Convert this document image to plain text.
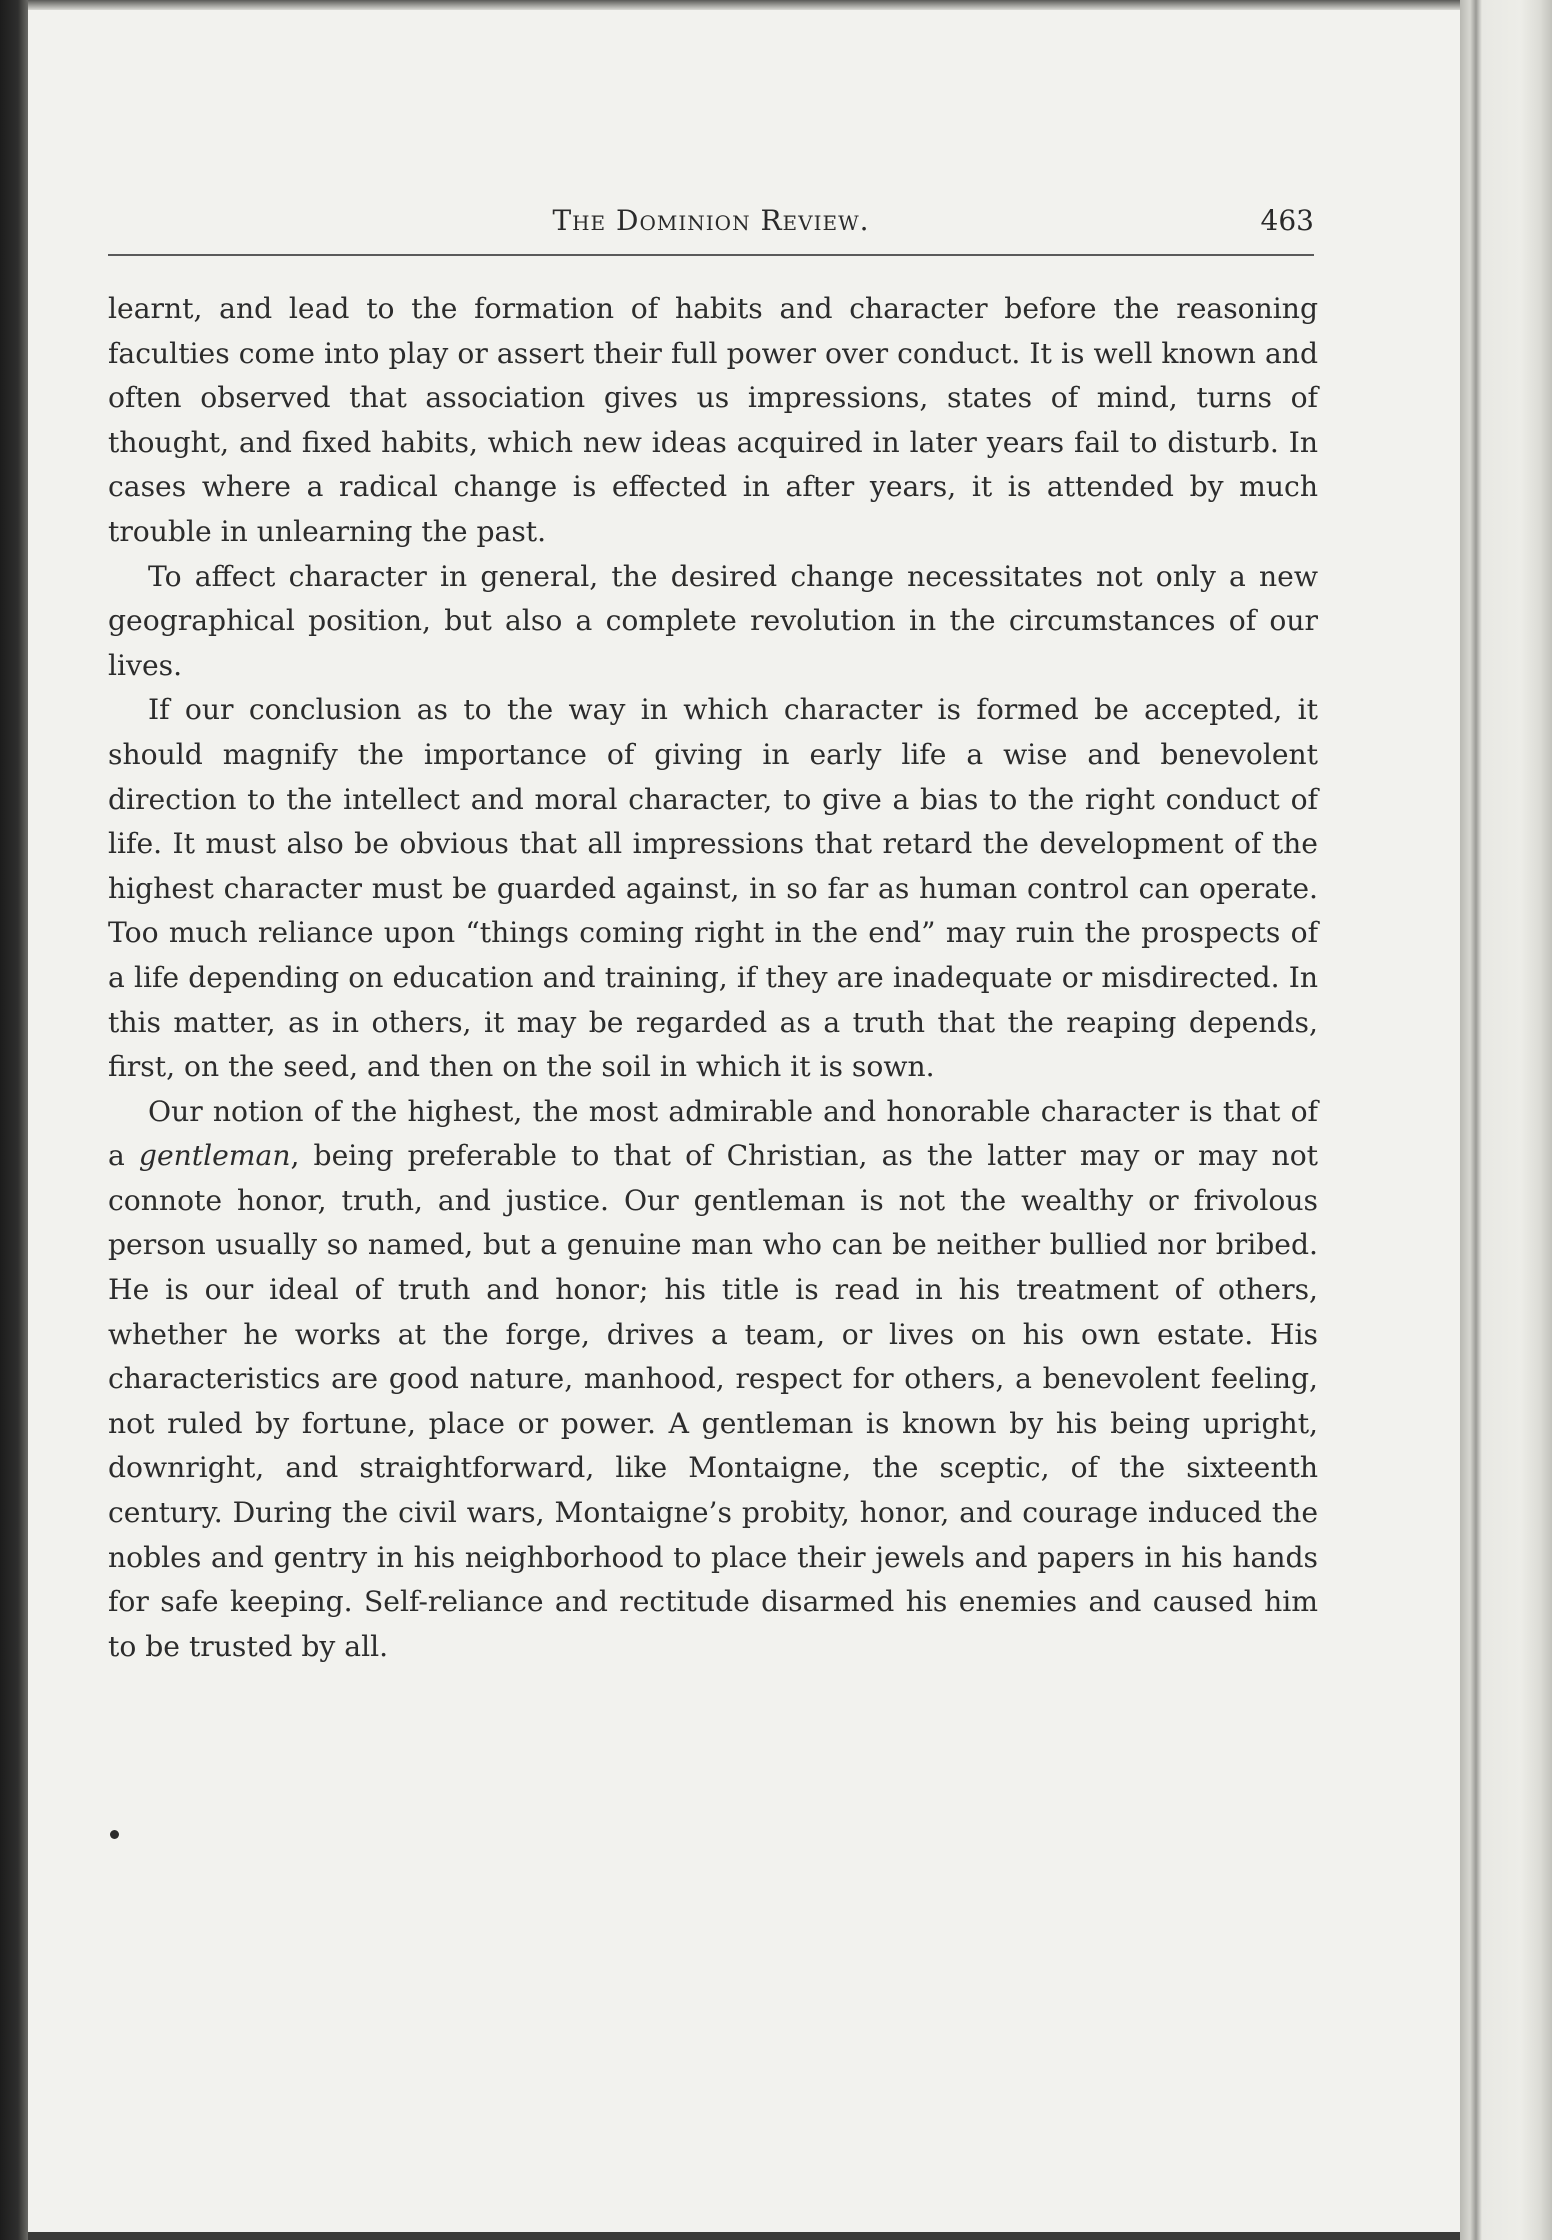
The Dominion Review.	463

learnt, and lead to the formation of habits and character before the reasoning faculties come into play or assert their full power over conduct. It is well known and often observed that association gives us impressions, states of mind, turns of thought, and fixed habits, which new ideas acquired in later years fail to disturb. In cases where a radical change is effected in after years, it is attended by much trouble in unlearning the past.

To affect character in general, the desired change necessitates not only a new geographical position, but also a complete revolution in the circumstances of our lives.

If our conclusion as to the way in which character is formed be accepted, it should magnify the importance of giving in early life a wise and benevolent direction to the intellect and moral character, to give a bias to the right conduct of life. It must also be obvious that all impressions that retard the development of the highest character must be guarded against, in so far as human control can operate. Too much reliance upon “things coming right in the end” may ruin the prospects of a life depending on education and training, if they are inadequate or misdirected. In this matter, as in others, it may be regarded as a truth that the reaping depends, first, on the seed, and then on the soil in which it is sown.

Our notion of the highest, the most admirable and honorable character is that of a gentleman, being preferable to that of Christian, as the latter may or may not connote honor, truth, and justice. Our gentleman is not the wealthy or frivolous person usually so named, but a genuine man who can be neither bullied nor bribed. He is our ideal of truth and honor; his title is read in his treatment of others, whether he works at the forge, drives a team, or lives on his own estate. His characteristics are good nature, manhood, respect for others, a benevolent feeling, not ruled by fortune, place or power. A gentleman is known by his being upright, downright, and straightforward, like Montaigne, the sceptic, of the sixteenth century. During the civil wars, Montaigne’s probity, honor, and courage induced the nobles and gentry in his neighborhood to place their jewels and papers in his hands for safe keeping. Self-reliance and rectitude disarmed his enemies and caused him to be trusted by all.
